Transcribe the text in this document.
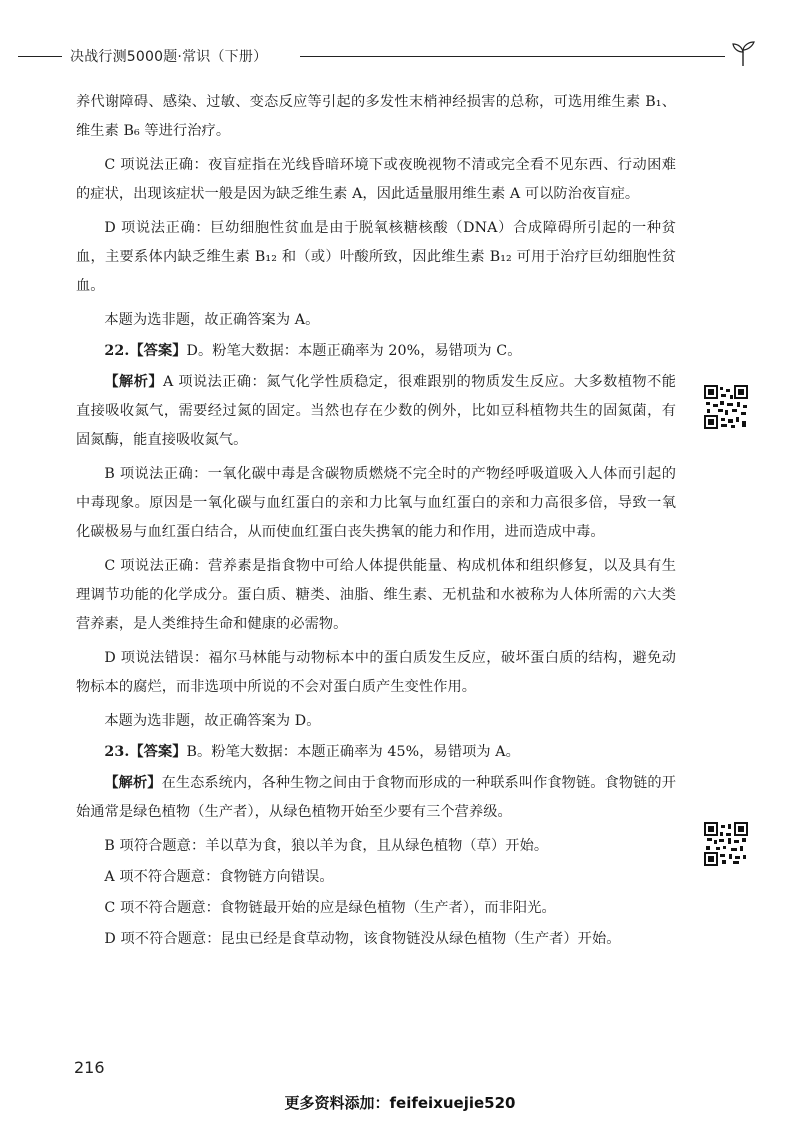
决战行测5000题·常识（下册）

养代谢障碍、感染、过敏、变态反应等引起的多发性末梢神经损害的总称，可选用维生素 B₁、维生素 B₆ 等进行治疗。

C 项说法正确：夜盲症指在光线昏暗环境下或夜晚视物不清或完全看不见东西、行动困难的症状，出现该症状一般是因为缺乏维生素 A，因此适量服用维生素 A 可以防治夜盲症。

D 项说法正确：巨幼细胞性贫血是由于脱氧核糖核酸（DNA）合成障碍所引起的一种贫血，主要系体内缺乏维生素 B₁₂ 和（或）叶酸所致，因此维生素 B₁₂ 可用于治疗巨幼细胞性贫血。

本题为选非题，故正确答案为 A。

22.【答案】D。粉笔大数据：本题正确率为 20%，易错项为 C。

【解析】A 项说法正确：氮气化学性质稳定，很难跟别的物质发生反应。大多数植物不能直接吸收氮气，需要经过氮的固定。当然也存在少数的例外，比如豆科植物共生的固氮菌，有固氮酶，能直接吸收氮气。

B 项说法正确：一氧化碳中毒是含碳物质燃烧不完全时的产物经呼吸道吸入人体而引起的中毒现象。原因是一氧化碳与血红蛋白的亲和力比氧与血红蛋白的亲和力高很多倍，导致一氧化碳极易与血红蛋白结合，从而使血红蛋白丧失携氧的能力和作用，进而造成中毒。

C 项说法正确：营养素是指食物中可给人体提供能量、构成机体和组织修复，以及具有生理调节功能的化学成分。蛋白质、糖类、油脂、维生素、无机盐和水被称为人体所需的六大类营养素，是人类维持生命和健康的必需物。

D 项说法错误：福尔马林能与动物标本中的蛋白质发生反应，破坏蛋白质的结构，避免动物标本的腐烂，而非选项中所说的不会对蛋白质产生变性作用。

本题为选非题，故正确答案为 D。

23.【答案】B。粉笔大数据：本题正确率为 45%，易错项为 A。

【解析】在生态系统内，各种生物之间由于食物而形成的一种联系叫作食物链。食物链的开始通常是绿色植物（生产者），从绿色植物开始至少要有三个营养级。

B 项符合题意：羊以草为食，狼以羊为食，且从绿色植物（草）开始。

A 项不符合题意：食物链方向错误。

C 项不符合题意：食物链最开始的应是绿色植物（生产者），而非阳光。

D 项不符合题意：昆虫已经是食草动物，该食物链没从绿色植物（生产者）开始。

216
更多资料添加：feifeixuejie520
